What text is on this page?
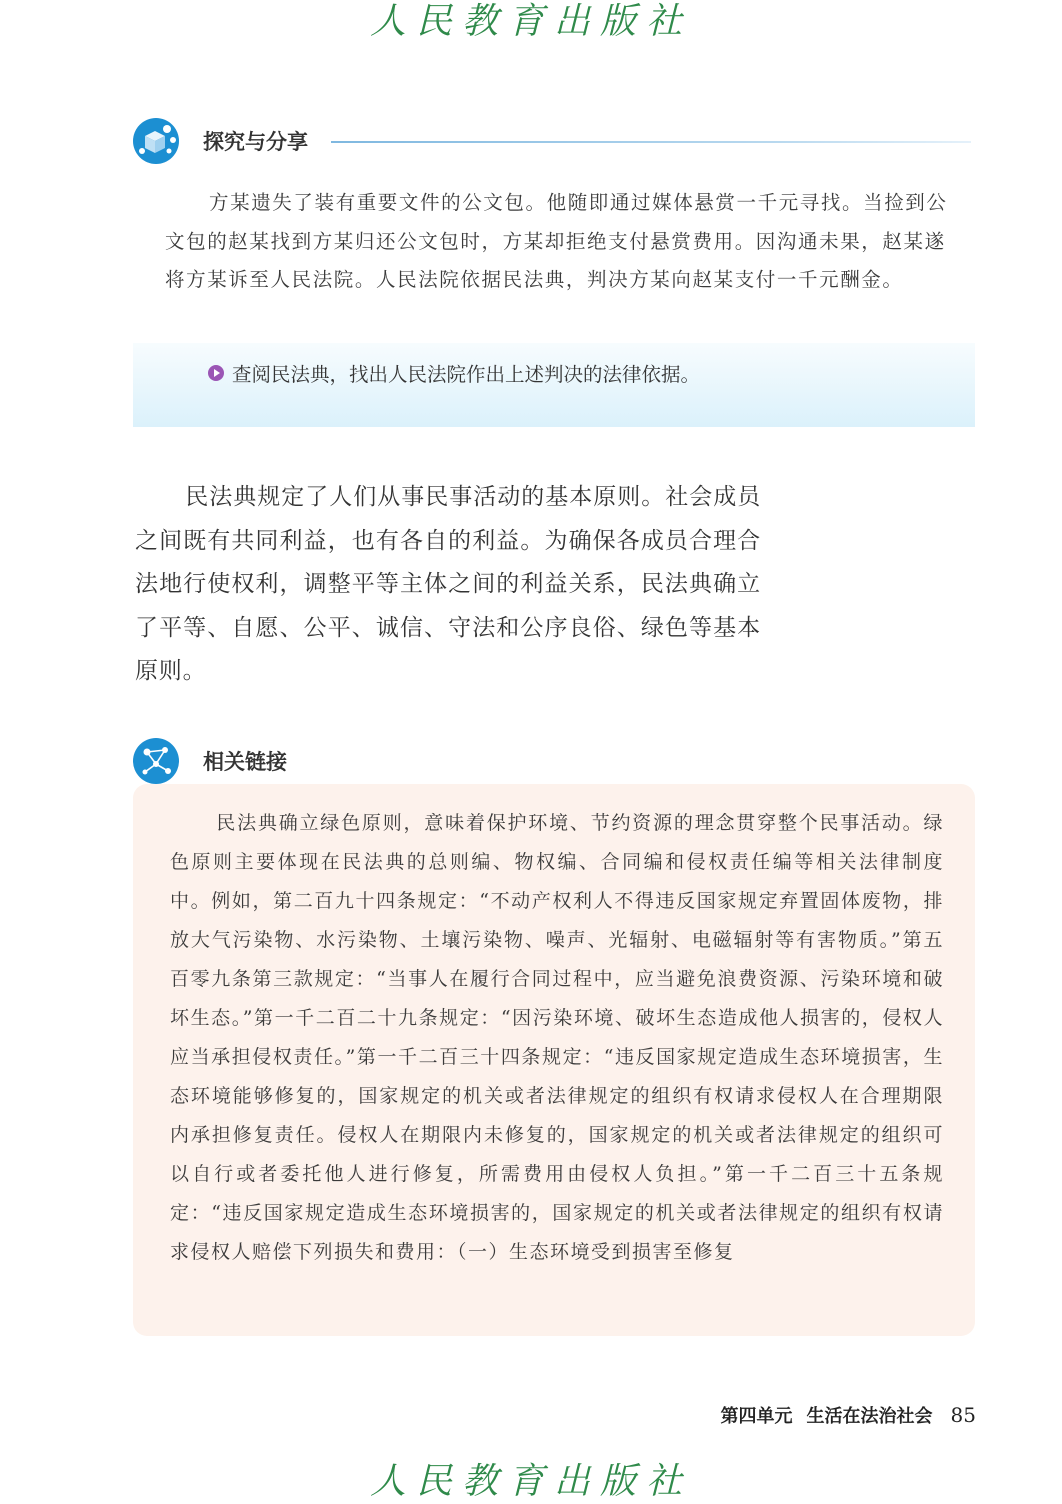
人民教育出版社
探究与分享

方某遗失了装有重要文件的公文包。他随即通过媒体悬赏一千元寻找。当捡到公文包的赵某找到方某归还公文包时，方某却拒绝支付悬赏费用。因沟通未果，赵某遂将方某诉至人民法院。人民法院依据民法典，判决方某向赵某支付一千元酬金。

查阅民法典，找出人民法院作出上述判决的法律依据。

民法典规定了人们从事民事活动的基本原则。社会成员之间既有共同利益，也有各自的利益。为确保各成员合理合法地行使权利，调整平等主体之间的利益关系，民法典确立了平等、自愿、公平、诚信、守法和公序良俗、绿色等基本原则。

相关链接

民法典确立绿色原则，意味着保护环境、节约资源的理念贯穿整个民事活动。绿色原则主要体现在民法典的总则编、物权编、合同编和侵权责任编等相关法律制度中。例如，第二百九十四条规定：“不动产权利人不得违反国家规定弃置固体废物，排放大气污染物、水污染物、土壤污染物、噪声、光辐射、电磁辐射等有害物质。”第五百零九条第三款规定：“当事人在履行合同过程中，应当避免浪费资源、污染环境和破坏生态。”第一千二百二十九条规定：“因污染环境、破坏生态造成他人损害的，侵权人应当承担侵权责任。”第一千二百三十四条规定：“违反国家规定造成生态环境损害，生态环境能够修复的，国家规定的机关或者法律规定的组织有权请求侵权人在合理期限内承担修复责任。侵权人在期限内未修复的，国家规定的机关或者法律规定的组织可以自行或者委托他人进行修复，所需费用由侵权人负担。”第一千二百三十五条规定：“违反国家规定造成生态环境损害的，国家规定的机关或者法律规定的组织有权请求侵权人赔偿下列损失和费用：（一）生态环境受到损害至修复

第四单元 生活在法治社会 85
人民教育出版社
